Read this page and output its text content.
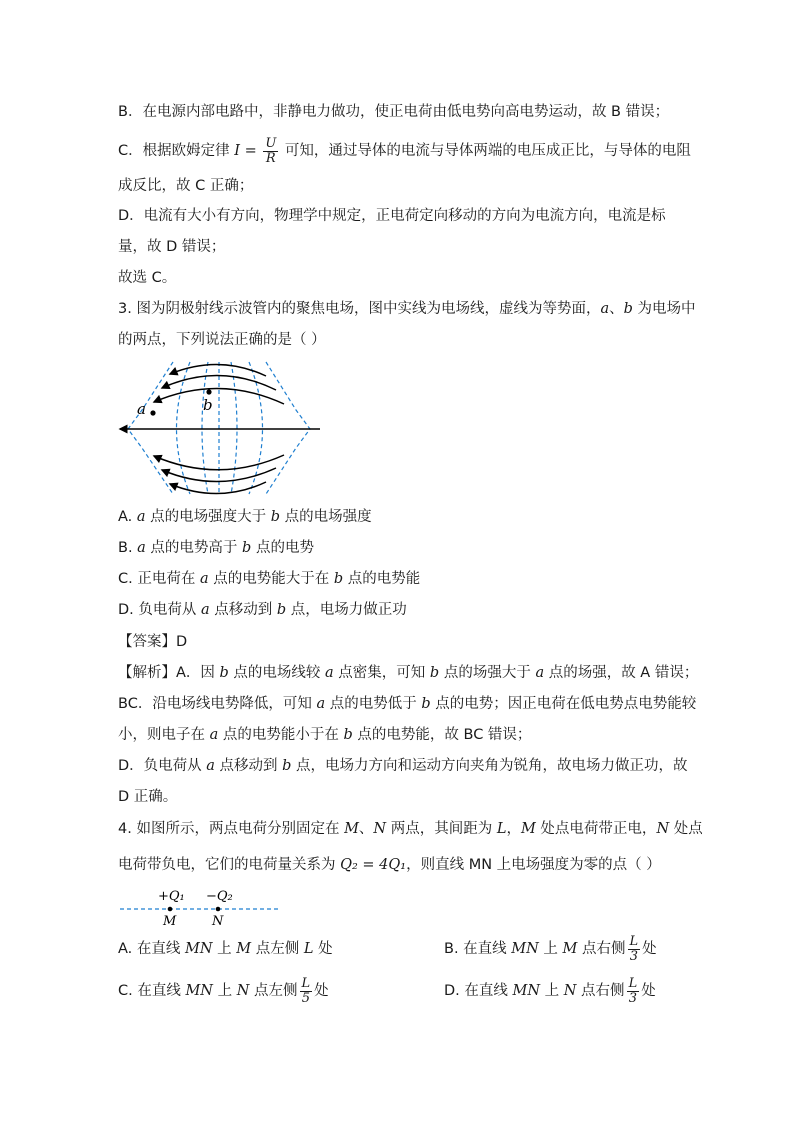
B．在电源内部电路中，非静电力做功，使正电荷由低电势向高电势运动，故 B 错误；
C．根据欧姆定律 $I = \frac{U}{R}$ 可知，通过导体的电流与导体两端的电压成正比，与导体的电阻
成反比，故 C 正确；
D．电流有大小有方向，物理学中规定，正电荷定向移动的方向为电流方向，电流是标
量，故 D 错误；
故选 C。
3. 图为阴极射线示波管内的聚焦电场，图中实线为电场线，虚线为等势面，a、b 为电场中
的两点，下列说法正确的是（ ）
a	b
A. a 点的电场强度大于 b 点的电场强度
B. a 点的电势高于 b 点的电势
C. 正电荷在 a 点的电势能大于在 b 点的电势能
D. 负电荷从 a 点移动到 b 点，电场力做正功
【答案】D
【解析】A．因 b 点的电场线较 a 点密集，可知 b 点的场强大于 a 点的场强，故 A 错误；
BC．沿电场线电势降低，可知 a 点的电势低于 b 点的电势；因正电荷在低电势点电势能较
小，则电子在 a 点的电势能小于在 b 点的电势能，故 BC 错误；
D．负电荷从 a 点移动到 b 点，电场力方向和运动方向夹角为锐角，故电场力做正功，故
D 正确。
4. 如图所示，两点电荷分别固定在 M、N 两点，其间距为 L，M 处点电荷带正电，N 处点
电荷带负电，它们的电荷量关系为 Q₂ = 4Q₁，则直线 MN 上电场强度为零的点（ ）
+Q₁ −Q₂
M	N
A. 在直线 MN 上 M 点左侧 L 处	B. 在直线 MN 上 M 点右侧 $\frac{L}{3}$ 处
C. 在直线 MN 上 N 点左侧 $\frac{L}{5}$ 处	D. 在直线 MN 上 N 点右侧 $\frac{L}{3}$ 处
